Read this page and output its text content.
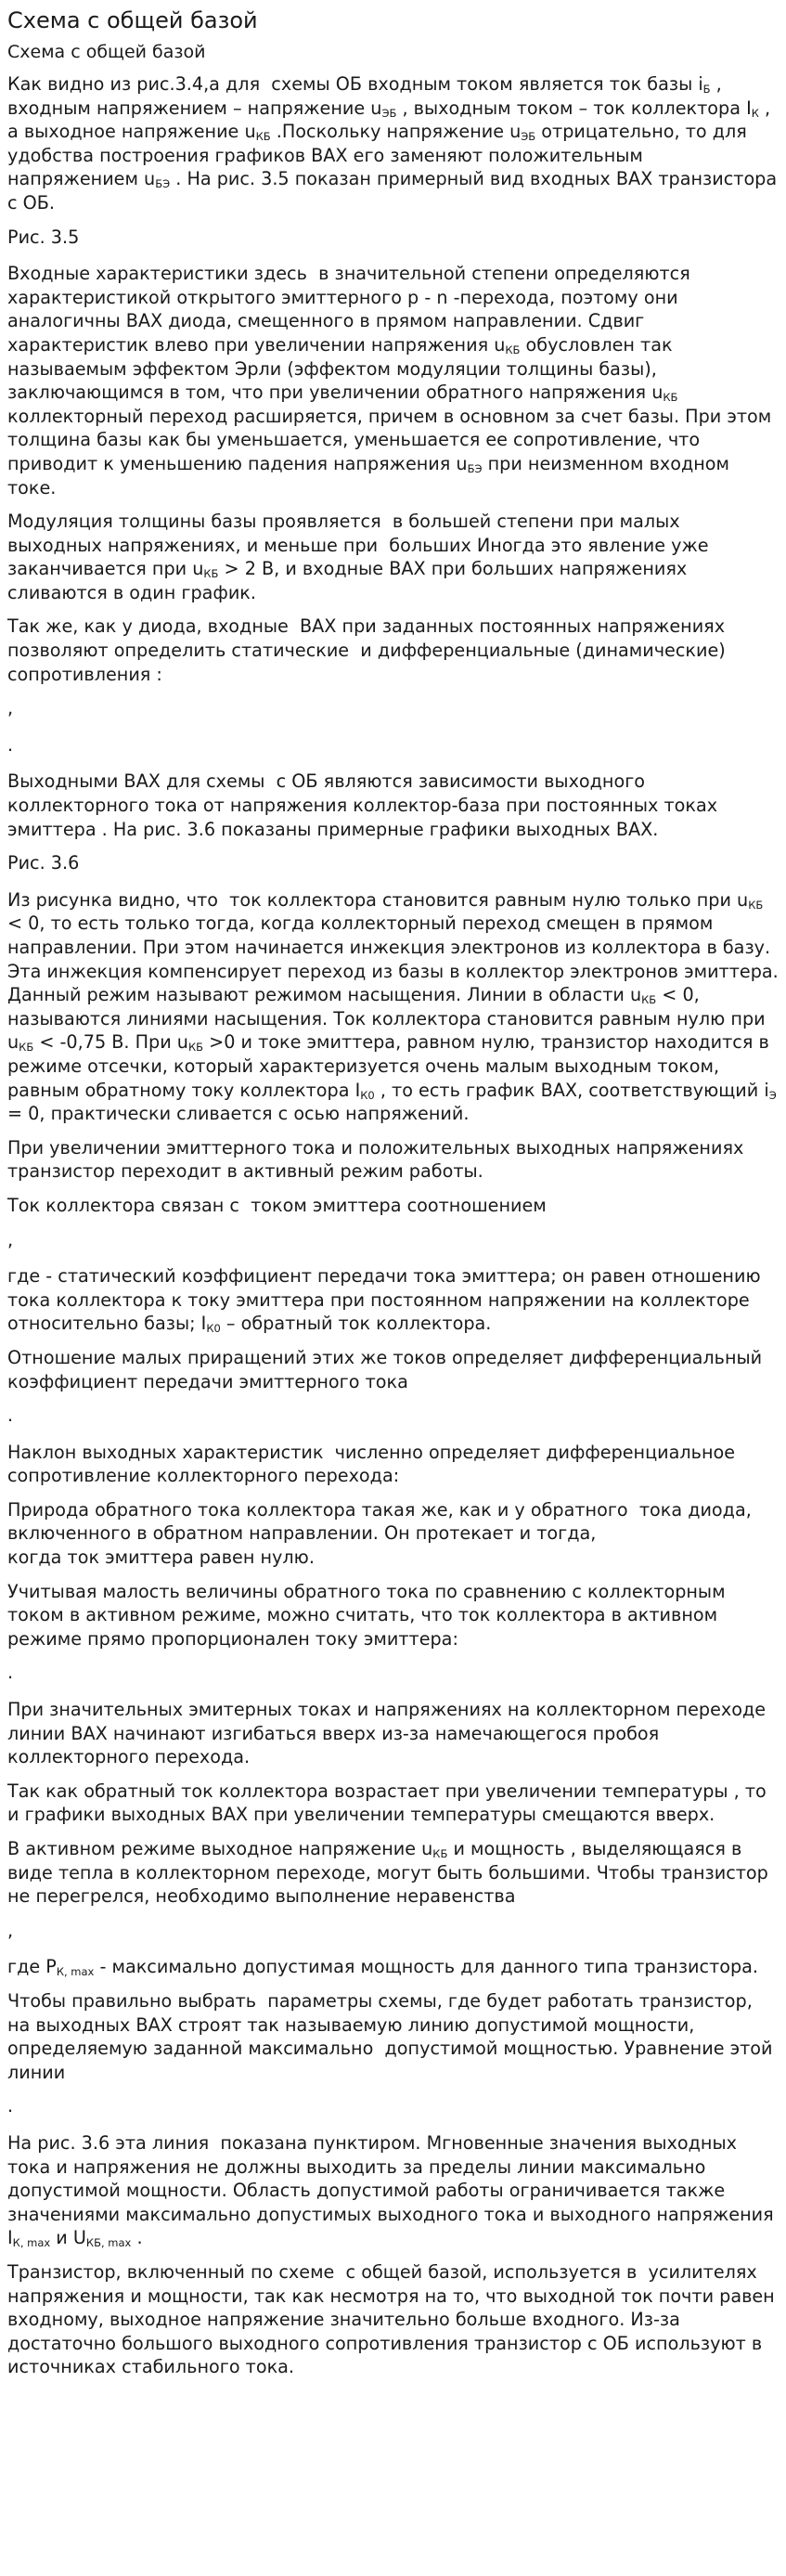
Схема с общей базой
Схема с общей базой

Как видно из рис.3.4,а для  схемы ОБ входным током является ток базы $i_Б$ , входным напряжением – напряжение $u_{ЭБ}$ , выходным током – ток коллектора $I_К$ , а выходное напряжение $u_{КБ}$ .Поскольку напряжение $u_{ЭБ}$ отрицательно, то для удобства построения графиков ВАХ его заменяют положительным напряжением $u_{БЭ}$ . На рис. 3.5 показан примерный вид входных ВАХ транзистора с ОБ.

Рис. 3.5

Входные характеристики здесь  в значительной степени определяются характеристикой открытого эмиттерного p - n -перехода, поэтому они аналогичны ВАХ диода, смещенного в прямом направлении. Сдвиг характеристик влево при увеличении напряжения $u_{КБ}$ обусловлен так называемым эффектом Эрли (эффектом модуляции толщины базы), заключающимся в том, что при увеличении обратного напряжения $u_{КБ}$ коллекторный переход расширяется, причем в основном за счет базы. При этом толщина базы как бы уменьшается, уменьшается ее сопротивление, что приводит к уменьшению падения напряжения $u_{БЭ}$ при неизменном входном токе.

Модуляция толщины базы проявляется  в большей степени при малых  выходных напряжениях, и меньше при  больших Иногда это явление уже заканчивается при $u_{КБ} > 2$ В, и входные ВАХ при больших напряжениях сливаются в один график.

Так же, как у диода, входные  ВАХ при заданных постоянных напряжениях позволяют определить статические  и дифференциальные (динамические) сопротивления :

,

.

Выходными ВАХ для схемы  с ОБ являются зависимости выходного коллекторного тока от напряжения коллектор-база при постоянных токах эмиттера . На рис. 3.6 показаны примерные графики выходных ВАХ.

Рис. 3.6

Из рисунка видно, что  ток коллектора становится равным нулю только при $u_{КБ} < 0$, то есть только тогда, когда коллекторный переход смещен в прямом направлении. При этом начинается инжекция электронов из коллектора в базу. Эта инжекция компенсирует переход из базы в коллектор электронов эмиттера. Данный режим называют режимом насыщения. Линии в области $u_{КБ} < 0$, называются линиями насыщения. Ток коллектора становится равным нулю при $u_{КБ} < -0,75$ В. При $u_{КБ} >0$ и токе эмиттера, равном нулю, транзистор находится в режиме отсечки, который характеризуется очень малым выходным током, равным обратному току коллектора $I_{К0}$ , то есть график ВАХ, соответствующий $i_Э = 0$, практически сливается с осью напряжений.

При увеличении эмиттерного тока и положительных выходных напряжениях транзистор переходит в активный режим работы.

Ток коллектора связан с  током эмиттера соотношением

,

где - статический коэффициент передачи тока эмиттера; он равен отношению тока коллектора к току эмиттера при постоянном напряжении на коллекторе относительно базы; $I_{К0}$ – обратный ток коллектора.

Отношение малых приращений этих же токов определяет дифференциальный коэффициент передачи эмиттерного тока

.

Наклон выходных характеристик  численно определяет дифференциальное сопротивление коллекторного перехода:

Природа обратного тока коллектора такая же, как и у обратного  тока диода, включенного в обратном направлении. Он протекает и тогда,
когда ток эмиттера равен нулю.

Учитывая малость величины обратного тока по сравнению с коллекторным током в активном режиме, можно считать, что ток коллектора в активном режиме прямо пропорционален току эмиттера:

.

При значительных эмитерных токах и напряжениях на коллекторном переходе линии ВАХ начинают изгибаться вверх из-за намечающегося пробоя коллекторного перехода.

Так как обратный ток коллектора возрастает при увеличении температуры , то и графики выходных ВАХ при увеличении температуры смещаются вверх.

В активном режиме выходное напряжение $u_{КБ}$ и мощность , выделяющаяся в виде тепла в коллекторном переходе, могут быть большими. Чтобы транзистор не перегрелся, необходимо выполнение неравенства

,

где $P_{К, max}$ - максимально допустимая мощность для данного типа транзистора.

Чтобы правильно выбрать  параметры схемы, где будет работать транзистор, на выходных ВАХ строят так называемую линию допустимой мощности, определяемую заданной максимально  допустимой мощностью. Уравнение этой линии

.

На рис. 3.6 эта линия  показана пунктиром. Мгновенные значения выходных тока и напряжения не должны выходить за пределы линии максимально  допустимой мощности. Область допустимой работы ограничивается также значениями максимально допустимых выходного тока и выходного напряжения $I_{К, max}$ и $U_{КБ, max}$ .

Транзистор, включенный по схеме  с общей базой, используется в  усилителях напряжения и мощности, так как несмотря на то, что выходной ток почти равен входному, выходное напряжение значительно больше входного. Из-за достаточно большого выходного сопротивления транзистор с ОБ используют в источниках стабильного тока.
